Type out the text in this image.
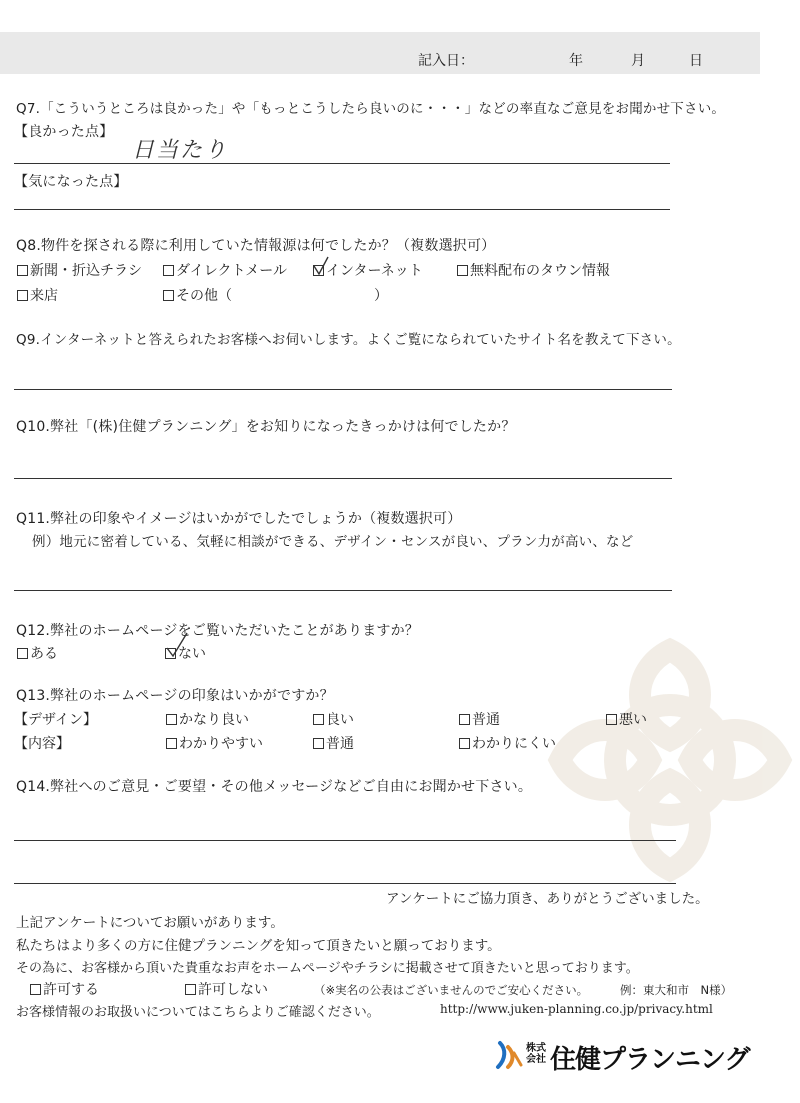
記入日：	年	月	日
Q7.「こういうところは良かった」や「もっとこうしたら良いのに・・・」などの率直なご意見をお聞かせ下さい。
【良かった点】
日当たり
【気になった点】
Q8.物件を探される際に利用していた情報源は何でしたか？（複数選択可）
新聞・折込チラシ	ダイレクトメール	インターネット	無料配布のタウン情報
来店	その他（	）
Q9.インターネットと答えられたお客様へお伺いします。よくご覧になられていたサイト名を教えて下さい。
Q10.弊社「(株)住健プランニング」をお知りになったきっかけは何でしたか？
Q11.弊社の印象やイメージはいかがでしたでしょうか（複数選択可）
例）地元に密着している、気軽に相談ができる、デザイン・センスが良い、プラン力が高い、など
Q12.弊社のホームページをご覧いただいたことがありますか？
ある	ない
Q13.弊社のホームページの印象はいかがですか？
【デザイン】	かなり良い	良い	普通	悪い
【内容】	わかりやすい	普通	わかりにくい
Q14.弊社へのご意見・ご要望・その他メッセージなどご自由にお聞かせ下さい。
アンケートにご協力頂き、ありがとうございました。
上記アンケートについてお願いがあります。
私たちはより多くの方に住健プランニングを知って頂きたいと願っております。
その為に、お客様から頂いた貴重なお声をホームページやチラシに掲載させて頂きたいと思っております。
許可する	許可しない	（※実名の公表はございませんのでご安心ください。	例：東大和市　N様）
お客様情報のお取扱いについてはこちらよりご確認ください。	http://www.juken-planning.co.jp/privacy.html
株式
会社 住健プランニング
